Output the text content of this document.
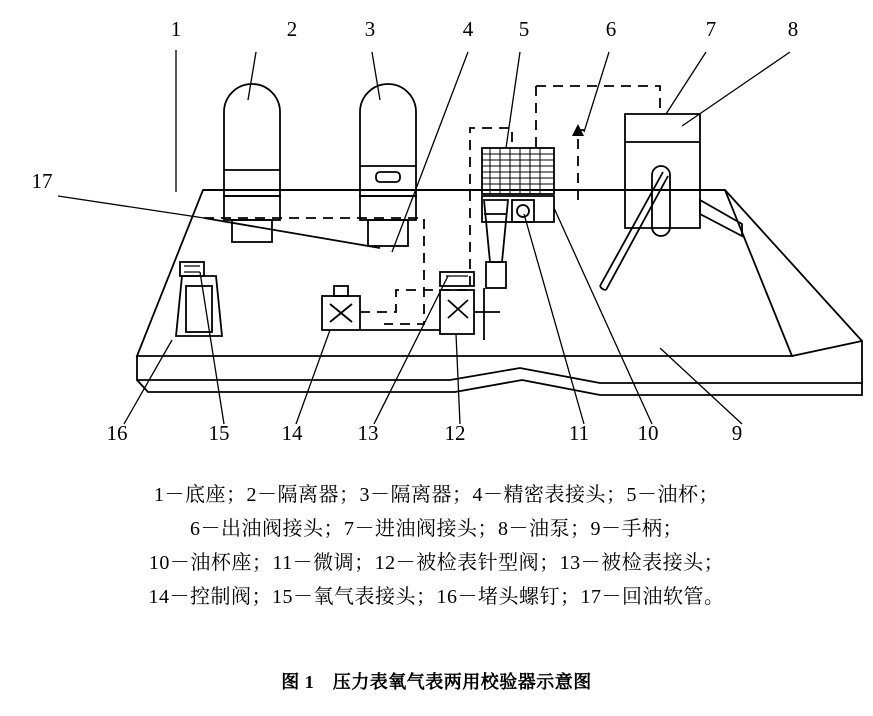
1	2	3	4 5	6	7	8
17
16	15 14	13	12	11 10	9
1－底座；2－隔离器；3－隔离器；4－精密表接头；5－油杯；
6－出油阀接头；7－进油阀接头；8－油泵；9－手柄；
10－油杯座；11－微调；12－被检表针型阀；13－被检表接头；
14－控制阀；15－氧气表接头；16－堵头螺钉；17－回油软管。
图 1　压力表氧气表两用校验器示意图
